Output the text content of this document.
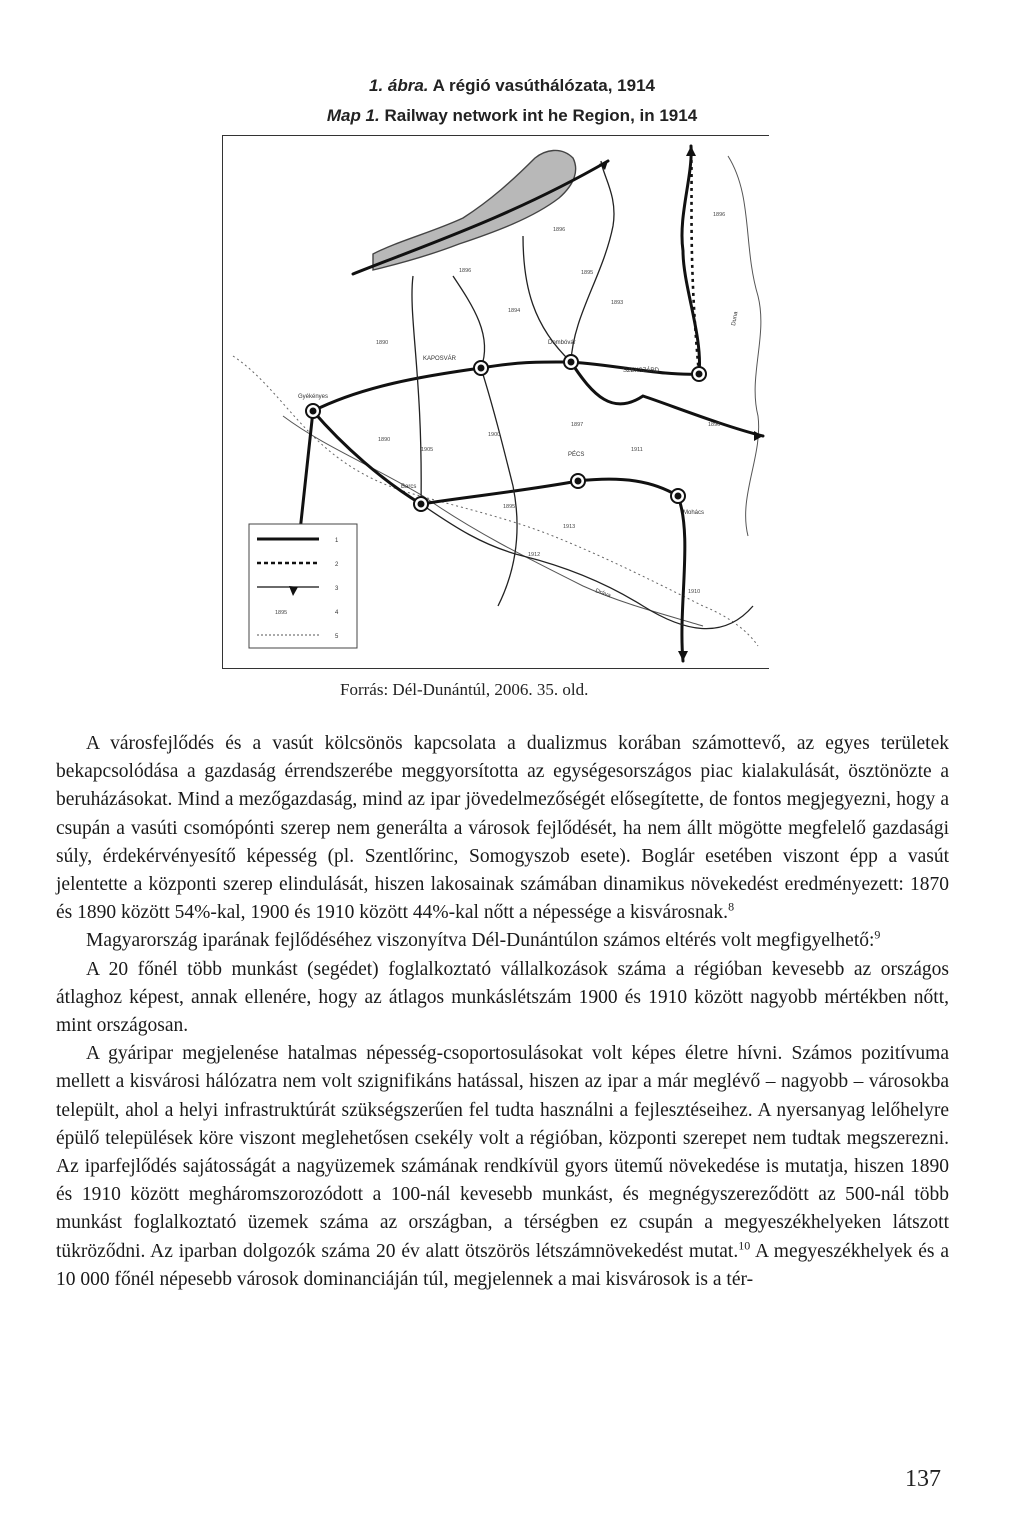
1. ábra. A régió vasúthálózata, 1914
Map 1. Railway network int he Region, in 1914
KAPOSVÁR
SZEKSZÁRD
PÉCS
Dombóvár
Gyékényes
Barcs
Mohács
1896
1896
1895
1893
1896
1894
1890
1897
1911
1896
1890
1905
1900
1895
1913
1912
1910
Duna
Dráva
1895
1
2
3
4
5
Forrás: Dél-Dunántúl, 2006. 35. old.

A városfejlődés és a vasút kölcsönös kapcsolata a dualizmus korában számottevő, az egyes területek bekapcsolódása a gazdaság érrendszerébe meggyorsította az egységesországos piac kialakulását, ösztönözte a beruházásokat. Mind a mezőgazdaság, mind az ipar jövedelmezőségét elősegítette, de fontos megjegyezni, hogy a csupán a vasúti csomópónti szerep nem generálta a városok fejlődését, ha nem állt mögötte megfelelő gazdasági súly, érdekérvényesítő képesség (pl. Szentlőrinc, Somogyszob esete). Boglár esetében viszont épp a vasút jelentette a központi szerep elindulását, hiszen lakosainak számában dinamikus növekedést eredményezett: 1870 és 1890 között 54%-kal, 1900 és 1910 között 44%-kal nőtt a népessége a kisvárosnak.$^8$

Magyarország iparának fejlődéséhez viszonyítva Dél-Dunántúlon számos eltérés volt megfigyelhető:$^9$

A 20 főnél több munkást (segédet) foglalkoztató vállalkozások száma a régióban kevesebb az országos átlaghoz képest, annak ellenére, hogy az átlagos munkáslétszám 1900 és 1910 között nagyobb mértékben nőtt, mint országosan.

A gyáripar megjelenése hatalmas népesség-csoportosulásokat volt képes életre hívni. Számos pozitívuma mellett a kisvárosi hálózatra nem volt szignifikáns hatással, hiszen az ipar a már meglévő – nagyobb – városokba települt, ahol a helyi infrastruktúrát szükségszerűen fel tudta használni a fejlesztéseihez. A nyersanyag lelőhelyre épülő települések köre viszont meglehetősen csekély volt a régióban, központi szerepet nem tudtak megszerezni. Az iparfejlődés sajátosságát a nagyüzemek számának rendkívül gyors ütemű növekedése is mutatja, hiszen 1890 és 1910 között megháromszorozódott a 100-nál kevesebb munkást, és megnégyszereződött az 500-nál több munkást foglalkoztató üzemek száma az országban, a térségben ez csupán a megyeszékhelyeken látszott tükröződni. Az iparban dolgozók száma 20 év alatt ötszörös létszámnövekedést mutat.$^{10}$ A megyeszékhelyek és a 10 000 főnél népesebb városok dominanciáján túl, megjelennek a mai kisvárosok is a tér-

137
